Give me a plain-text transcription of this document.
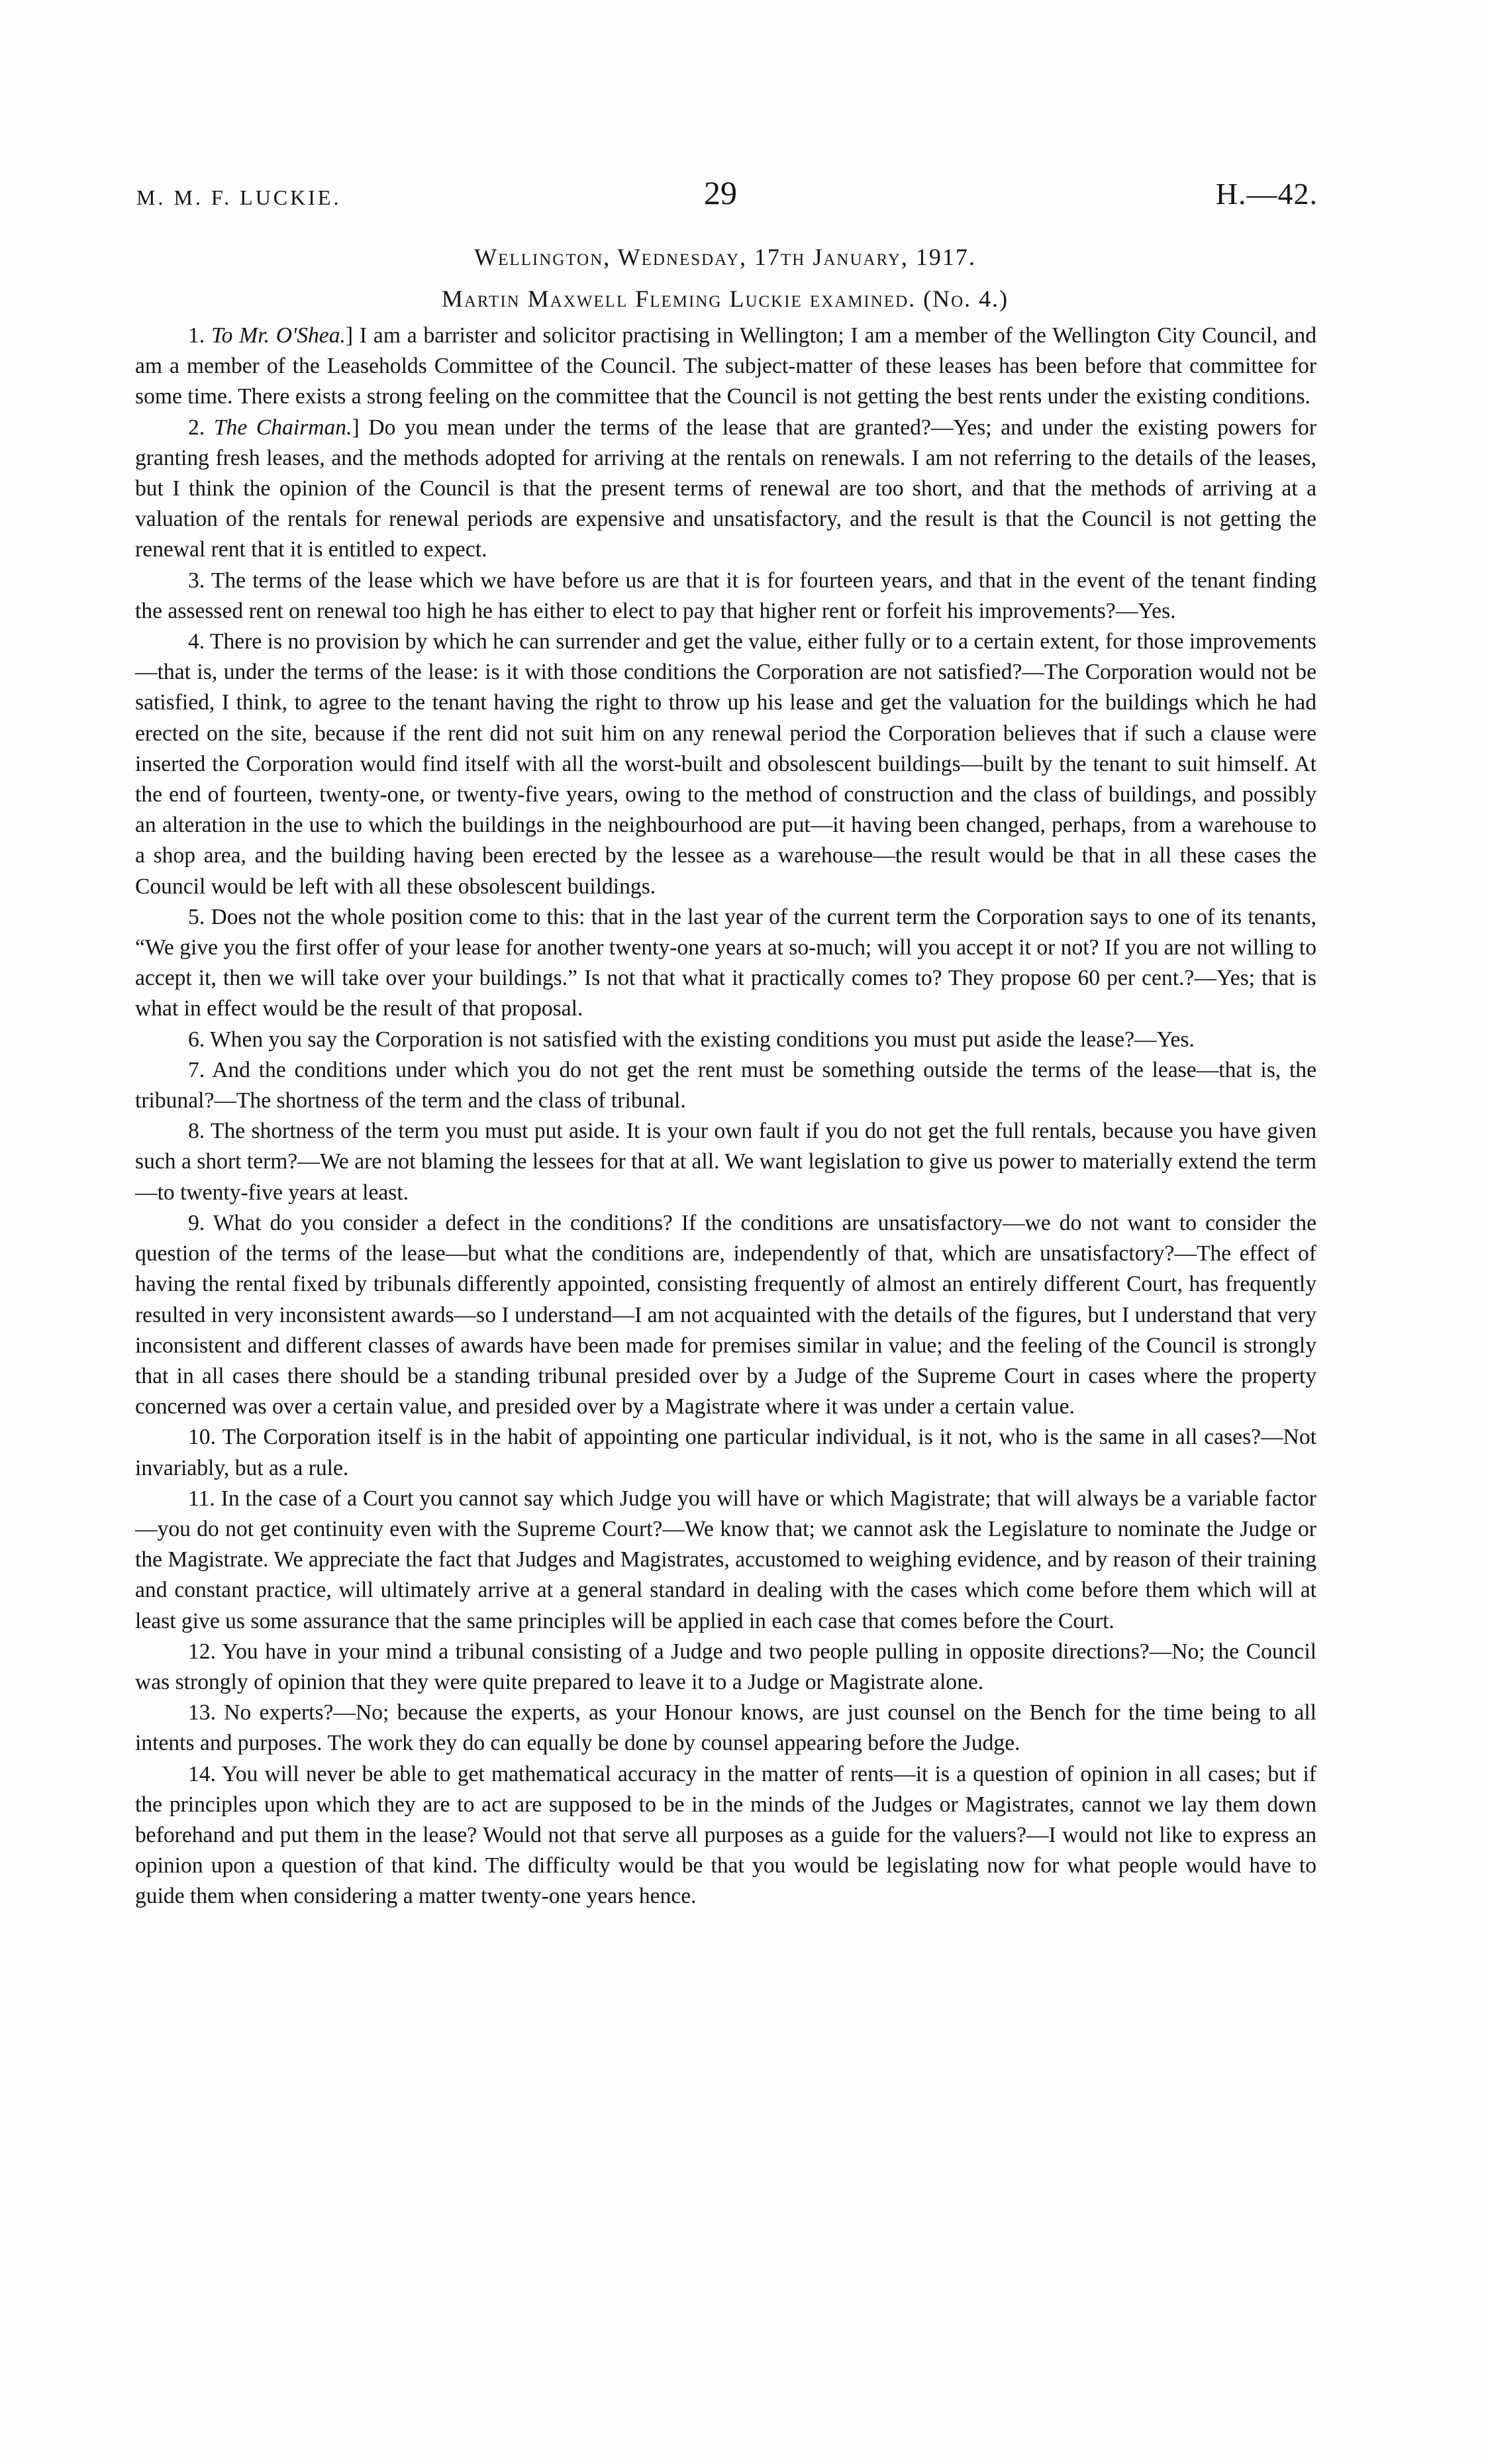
M. M. F. LUCKIE.	29	H.—42.
Wellington, Wednesday, 17th January, 1917.
Martin Maxwell Fleming Luckie examined. (No. 4.)

1. To Mr. O'Shea.] I am a barrister and solicitor practising in Wellington; I am a member of the Wellington City Council, and am a member of the Leaseholds Committee of the Council. The subject-matter of these leases has been before that committee for some time. There exists a strong feeling on the committee that the Council is not getting the best rents under the existing conditions.

2. The Chairman.] Do you mean under the terms of the lease that are granted?—Yes; and under the existing powers for granting fresh leases, and the methods adopted for arriving at the rentals on renewals. I am not referring to the details of the leases, but I think the opinion of the Council is that the present terms of renewal are too short, and that the methods of arriving at a valuation of the rentals for renewal periods are expensive and unsatisfactory, and the result is that the Council is not getting the renewal rent that it is entitled to expect.

3. The terms of the lease which we have before us are that it is for fourteen years, and that in the event of the tenant finding the assessed rent on renewal too high he has either to elect to pay that higher rent or forfeit his improvements?—Yes.

4. There is no provision by which he can surrender and get the value, either fully or to a certain extent, for those improvements—that is, under the terms of the lease: is it with those conditions the Corporation are not satisfied?—The Corporation would not be satisfied, I think, to agree to the tenant having the right to throw up his lease and get the valuation for the buildings which he had erected on the site, because if the rent did not suit him on any renewal period the Corporation believes that if such a clause were inserted the Corporation would find itself with all the worst-built and obsolescent buildings—built by the tenant to suit himself. At the end of fourteen, twenty-one, or twenty-five years, owing to the method of construction and the class of buildings, and possibly an alteration in the use to which the buildings in the neighbourhood are put—it having been changed, perhaps, from a warehouse to a shop area, and the building having been erected by the lessee as a warehouse—the result would be that in all these cases the Council would be left with all these obsolescent buildings.

5. Does not the whole position come to this: that in the last year of the current term the Corporation says to one of its tenants, “We give you the first offer of your lease for another twenty-one years at so-much; will you accept it or not? If you are not willing to accept it, then we will take over your buildings.” Is not that what it practically comes to? They propose 60 per cent.?—Yes; that is what in effect would be the result of that proposal.

6. When you say the Corporation is not satisfied with the existing conditions you must put aside the lease?—Yes.

7. And the conditions under which you do not get the rent must be something outside the terms of the lease—that is, the tribunal?—The shortness of the term and the class of tribunal.

8. The shortness of the term you must put aside. It is your own fault if you do not get the full rentals, because you have given such a short term?—We are not blaming the lessees for that at all. We want legislation to give us power to materially extend the term—to twenty-five years at least.

9. What do you consider a defect in the conditions? If the conditions are unsatisfactory—we do not want to consider the question of the terms of the lease—but what the conditions are, independently of that, which are unsatisfactory?—The effect of having the rental fixed by tribunals differently appointed, consisting frequently of almost an entirely different Court, has frequently resulted in very inconsistent awards—so I understand—I am not acquainted with the details of the figures, but I understand that very inconsistent and different classes of awards have been made for premises similar in value; and the feeling of the Council is strongly that in all cases there should be a standing tribunal presided over by a Judge of the Supreme Court in cases where the property concerned was over a certain value, and presided over by a Magistrate where it was under a certain value.

10. The Corporation itself is in the habit of appointing one particular individual, is it not, who is the same in all cases?—Not invariably, but as a rule.

11. In the case of a Court you cannot say which Judge you will have or which Magistrate; that will always be a variable factor—you do not get continuity even with the Supreme Court?—We know that; we cannot ask the Legislature to nominate the Judge or the Magistrate. We appreciate the fact that Judges and Magistrates, accustomed to weighing evidence, and by reason of their training and constant practice, will ultimately arrive at a general standard in dealing with the cases which come before them which will at least give us some assurance that the same principles will be applied in each case that comes before the Court.

12. You have in your mind a tribunal consisting of a Judge and two people pulling in opposite directions?—No; the Council was strongly of opinion that they were quite prepared to leave it to a Judge or Magistrate alone.

13. No experts?—No; because the experts, as your Honour knows, are just counsel on the Bench for the time being to all intents and purposes. The work they do can equally be done by counsel appearing before the Judge.

14. You will never be able to get mathematical accuracy in the matter of rents—it is a question of opinion in all cases; but if the principles upon which they are to act are supposed to be in the minds of the Judges or Magistrates, cannot we lay them down beforehand and put them in the lease? Would not that serve all purposes as a guide for the valuers?—I would not like to express an opinion upon a question of that kind. The difficulty would be that you would be legislating now for what people would have to guide them when considering a matter twenty-one years hence.
